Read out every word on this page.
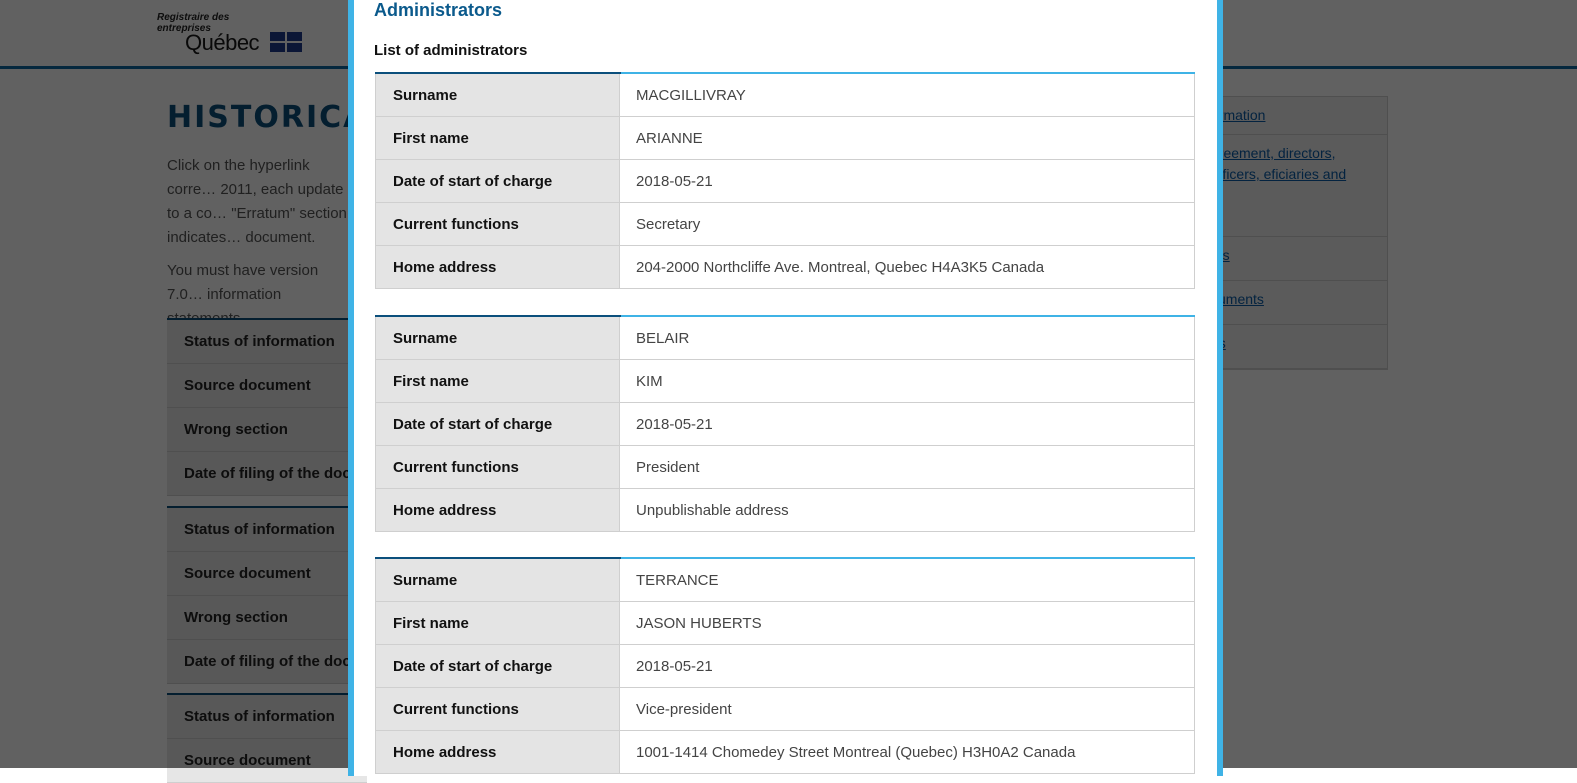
Administrators
List of administrators
Surname	MACGILLIVRAY
First name	ARIANNE
Date of start of charge	2018-05-21
Current functions	Secretary
Home address	204-2000 Northcliffe Ave. Montreal, Quebec H4A3K5 Canada
Surname	BELAIR
First name	KIM
Date of start of charge	2018-05-21
Current functions	President
Home address	Unpublishable address
Surname	TERRANCE
First name	JASON HUBERTS
Date of start of charge	2018-05-21
Current functions	Vice-president
Home address	1001-1414 Chomedey Street Montreal (Quebec) H3H0A2 Canada
